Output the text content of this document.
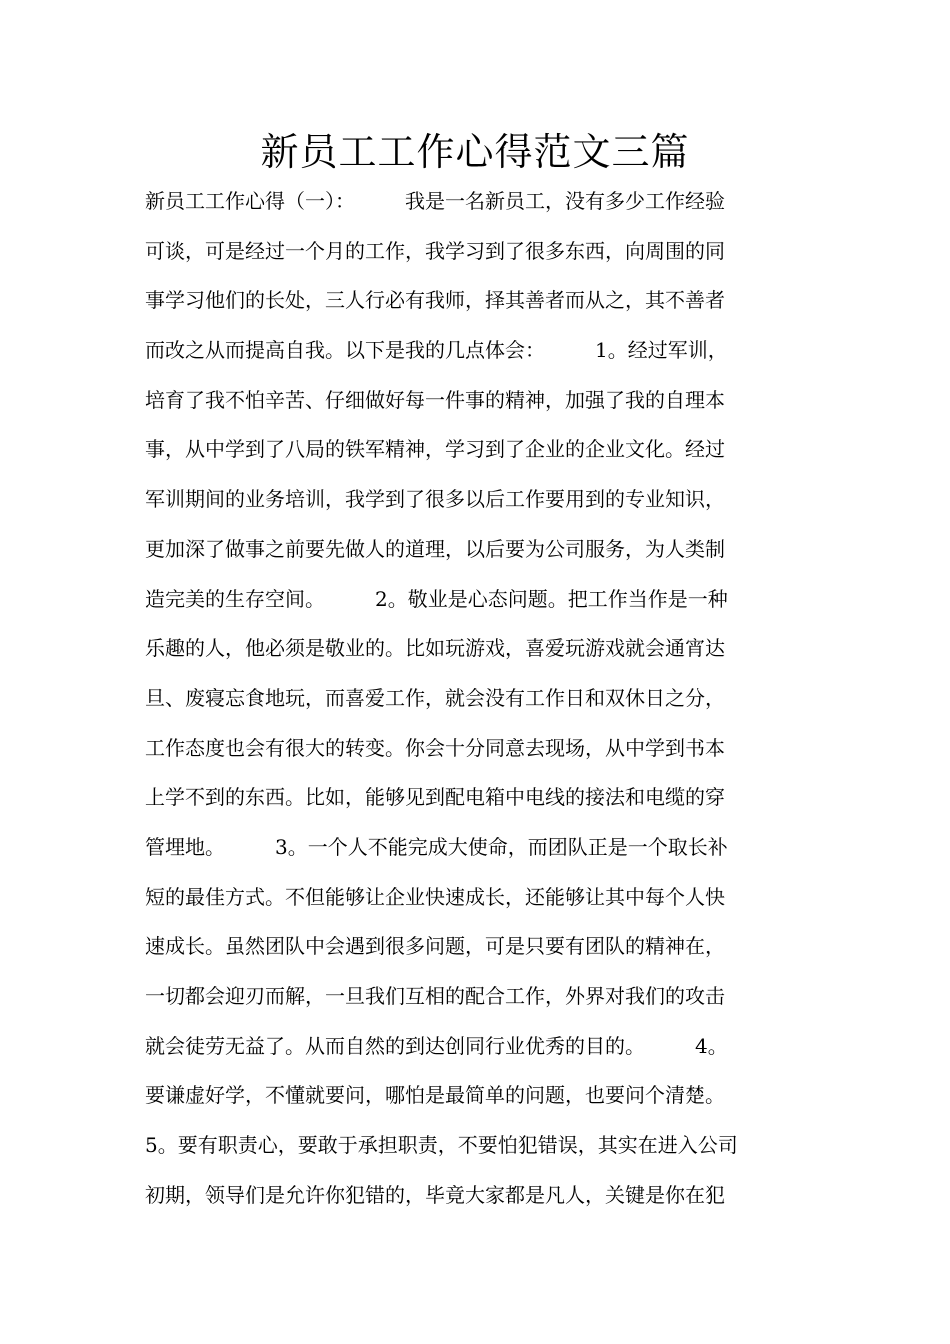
新员工工作心得范文三篇
新员工工作心得（一）：　　　我是一名新员工，没有多少工作经验
可谈，可是经过一个月的工作，我学习到了很多东西，向周围的同
事学习他们的长处，三人行必有我师，择其善者而从之，其不善者
而改之从而提高自我。以下是我的几点体会：　　　1。经过军训，
培育了我不怕辛苦、仔细做好每一件事的精神，加强了我的自理本
事，从中学到了八局的铁军精神，学习到了企业的企业文化。经过
军训期间的业务培训，我学到了很多以后工作要用到的专业知识，
更加深了做事之前要先做人的道理，以后要为公司服务，为人类制
造完美的生存空间。　　　2。敬业是心态问题。把工作当作是一种
乐趣的人，他必须是敬业的。比如玩游戏，喜爱玩游戏就会通宵达
旦、废寝忘食地玩，而喜爱工作，就会没有工作日和双休日之分，
工作态度也会有很大的转变。你会十分同意去现场，从中学到书本
上学不到的东西。比如，能够见到配电箱中电线的接法和电缆的穿
管埋地。　　　3。一个人不能完成大使命，而团队正是一个取长补
短的最佳方式。不但能够让企业快速成长，还能够让其中每个人快
速成长。虽然团队中会遇到很多问题，可是只要有团队的精神在，
一切都会迎刃而解，一旦我们互相的配合工作，外界对我们的攻击
就会徒劳无益了。从而自然的到达创同行业优秀的目的。　　　4。
要谦虚好学，不懂就要问，哪怕是最简单的问题，也要问个清楚。
5。要有职责心，要敢于承担职责，不要怕犯错误，其实在进入公司
初期，领导们是允许你犯错的，毕竟大家都是凡人，关键是你在犯
